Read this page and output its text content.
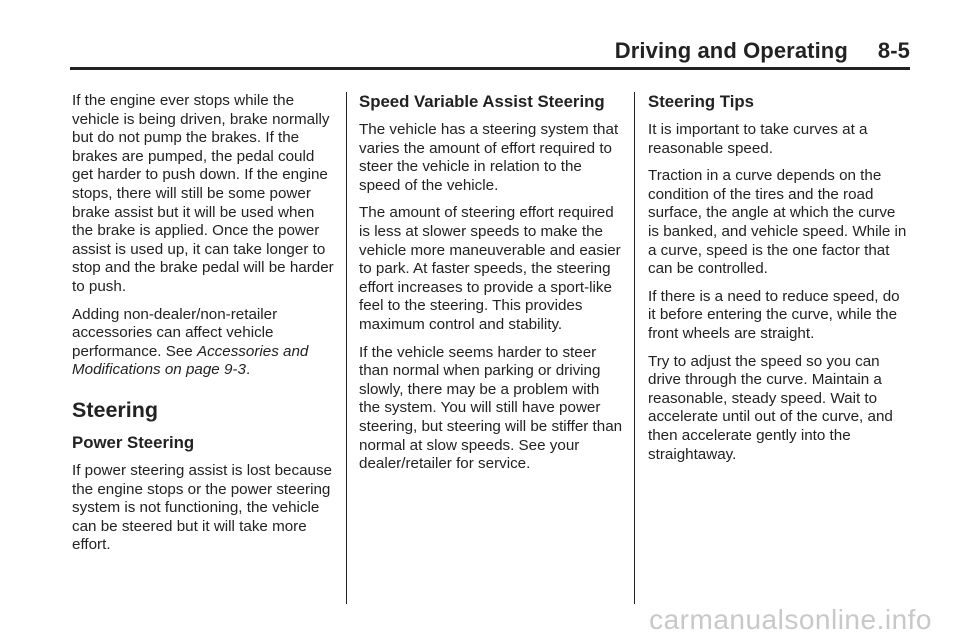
Driving and Operating 8-5

If the engine ever stops while the vehicle is being driven, brake normally but do not pump the brakes. If the brakes are pumped, the pedal could get harder to push down. If the engine stops, there will still be some power brake assist but it will be used when the brake is applied. Once the power assist is used up, it can take longer to stop and the brake pedal will be harder to push.

Adding non-dealer/non-retailer accessories can affect vehicle performance. See Accessories and Modifications on page 9-3.

Steering
Power Steering

If power steering assist is lost because the engine stops or the power steering system is not functioning, the vehicle can be steered but it will take more effort.

Speed Variable Assist Steering

The vehicle has a steering system that varies the amount of effort required to steer the vehicle in relation to the speed of the vehicle.

The amount of steering effort required is less at slower speeds to make the vehicle more maneuverable and easier to park. At faster speeds, the steering effort increases to provide a sport-like feel to the steering. This provides maximum control and stability.

If the vehicle seems harder to steer than normal when parking or driving slowly, there may be a problem with the system. You will still have power steering, but steering will be stiffer than normal at slow speeds. See your dealer/retailer for service.

Steering Tips

It is important to take curves at a reasonable speed.

Traction in a curve depends on the condition of the tires and the road surface, the angle at which the curve is banked, and vehicle speed. While in a curve, speed is the one factor that can be controlled.

If there is a need to reduce speed, do it before entering the curve, while the front wheels are straight.

Try to adjust the speed so you can drive through the curve. Maintain a reasonable, steady speed. Wait to accelerate until out of the curve, and then accelerate gently into the straightaway.

carmanualsonline.info
